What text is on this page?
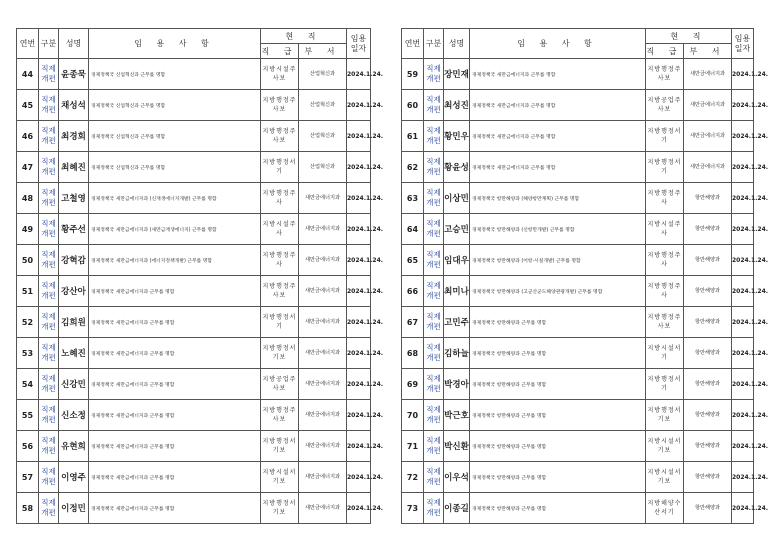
연번	구분	성명	임 용 사 항	현 직		임용일자
				직 급	부 서	
44	직제개편	윤종묵	경제정책국 신업혁신과 근무를 명함	지방시설주사보	산업혁신과	2024.1.24.
45	직제개편	채성석	경제정책국 신업혁신과 근무를 명함	지방행정주사보	산업혁신과	2024.1.24.
46	직제개편	최경회	경제정책국 신업혁신과 근무를 명함	지방행정주사보	산업혁신과	2024.1.24.
47	직제개편	최혜진	경제정책국 신업혁신과 근무를 명함	지방행정서기	산업혁신과	2024.1.24.
48	직제개편	고철영	경제정책국 새만금에너지과 (신재생에너지개발) 근무를 명함	지방행정주사	새만금에너지과	2024.1.24.
49	직제개편	황주선	경제정책국 새만금에너지과 (새만금재생에너지) 근무를 명함	지방시설주사	새만금에너지과	2024.1.24.
50	직제개편	강혁감	경제정책국 새만금에너지과 (에너지정책개발) 근무를 명함	지방행정주사	새만금에너지과	2024.1.24.
51	직제개편	강산아	경제정책국 새만금에너지과 근무를 명함	지방행정주사보	새만금에너지과	2024.1.24.
52	직제개편	김희원	경제정책국 새만금에너지과 근무를 명함	지방행정서기	새만금에너지과	2024.1.24.
53	직제개편	노혜진	경제정책국 새만금에너지과 근무를 명함	지방행정서기보	새만금에너지과	2024.1.24.
54	직제개편	신강민	경제정책국 새만금에너지과 근무를 명함	지방공업주사보	새만금에너지과	2024.1.24.
55	직제개편	신소정	경제정책국 새만금에너지과 근무를 명함	지방행정주사보	새만금에너지과	2024.1.24.
56	직제개편	유현희	경제정책국 새만금에너지과 근무를 명함	지방행정서기보	새만금에너지과	2024.1.24.
57	직제개편	이영주	경제정책국 새만금에너지과 근무를 명함	지방시설서기보	새만금에너지과	2024.1.24.
58	직제개편	이정민	경제정책국 새만금에너지과 근무를 명함	지방행정서기보	새만금에너지과	2024.1.24.
연번	구분	성명	임 용 사 항	현 직		임용일자
				직 급	부 서	
59	직제개편	장민재	경제정책국 새만금에너지과 근무를 명함	지방행정주사보	새만금에너지과	2024.1.24.
60	직제개편	최성진	경제정책국 새만금에너지과 근무를 명함	지방공업주사보	새만금에너지과	2024.1.24.
61	직제개편	황민우	경제정책국 새만금에너지과 근무를 명함	지방행정서기	새만금에너지과	2024.1.24.
62	직제개편	황윤성	경제정책국 새만금에너지과 근무를 명함	지방행정서기	새만금에너지과	2024.1.24.
63	직제개편	이상민	경제정책국 항만해양과 (해양항만계획) 근무를 명함	지방행정주사	항만해양과	2024.1.24.
64	직제개편	고승민	경제정책국 항만해양과 (신항만개발) 근무를 명함	지방시설주사	항만해양과	2024.1.24.
65	직제개편	임대우	경제정책국 항만해양과 (어항·시설개발) 근무를 명함	지방행정주사	항만해양과	2024.1.24.
66	직제개편	최미나	경제정책국 항만해양과 (고군산군도해양관광개발) 근무를 명함	지방행정주사	항만해양과	2024.1.24.
67	직제개편	고민주	경제정책국 항만해양과 근무를 명함	지방행정주사보	항만해양과	2024.1.24.
68	직제개편	김하늘	경제정책국 항만해양과 근무를 명함	지방시설서기	항만해양과	2024.1.24.
69	직제개편	박경아	경제정책국 항만해양과 근무를 명함	지방행정서기	항만해양과	2024.1.24.
70	직제개편	박근호	경제정책국 항만해양과 근무를 명함	지방행정서기보	항만해양과	2024.1.24.
71	직제개편	박신환	경제정책국 항만해양과 근무를 명함	지방시설서기보	항만해양과	2024.1.24.
72	직제개편	이우석	경제정책국 항만해양과 근무를 명함	지방시설서기보	항만해양과	2024.1.24.
73	직제개편	이종길	경제정책국 항만해양과 근무를 명함	지방해양수산서기	항만해양과	2024.1.24.
